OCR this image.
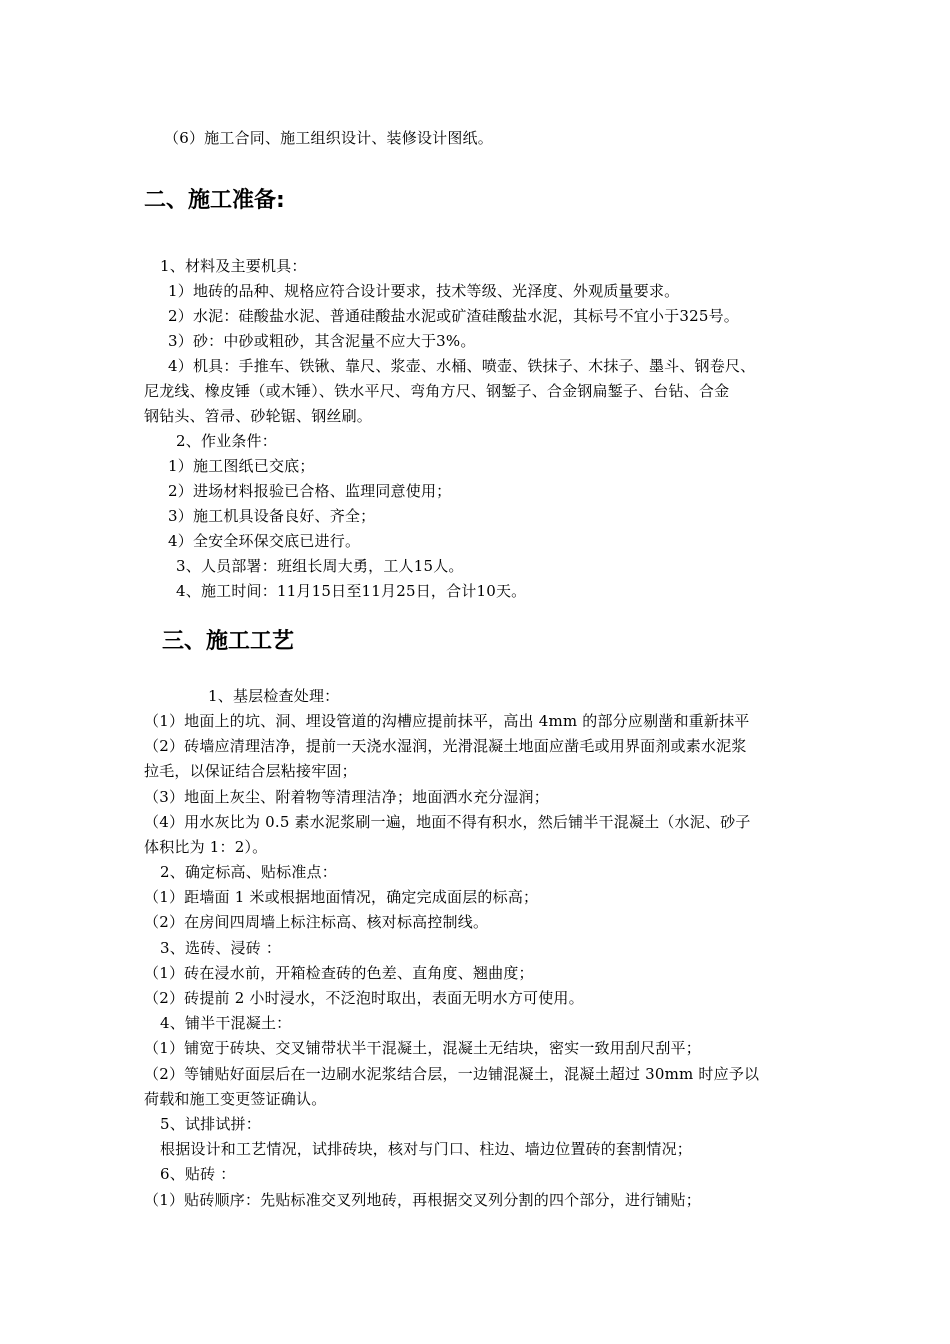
（6）施工合同、施工组织设计、装修设计图纸。
二、施工准备:
1、材料及主要机具：
1）地砖的品种、规格应符合设计要求，技术等级、光泽度、外观质量要求。
2）水泥：硅酸盐水泥、普通硅酸盐水泥或矿渣硅酸盐水泥，其标号不宜小于325号。
3）砂：中砂或粗砂，其含泥量不应大于3%。
4）机具：手推车、铁锹、靠尺、浆壶、水桶、喷壶、铁抹子、木抹子、墨斗、钢卷尺、
尼龙线、橡皮锤（或木锤）、铁水平尺、弯角方尺、钢錾子、合金钢扁錾子、台钻、合金
钢钻头、笤帚、砂轮锯、钢丝刷。
2、作业条件：
1）施工图纸已交底；
2）进场材料报验已合格、监理同意使用；
3）施工机具设备良好、齐全；
4）全安全环保交底已进行。
3、人员部署：班组长周大勇，工人15人。
4、施工时间：11月15日至11月25日，合计10天。
三、施工工艺
1、基层检查处理：
（1）地面上的坑、洞、埋设管道的沟槽应提前抹平，高出 4mm 的部分应剔凿和重新抹平
（2）砖墙应清理洁净，提前一天浇水湿润，光滑混凝土地面应凿毛或用界面剂或素水泥浆
拉毛，以保证结合层粘接牢固；
（3）地面上灰尘、附着物等清理洁净；地面洒水充分湿润；
（4）用水灰比为 0.5 素水泥浆刷一遍，地面不得有积水，然后铺半干混凝土（水泥、砂子
体积比为 1：2）。
2、确定标高、贴标准点：
（1）距墙面 1 米或根据地面情况，确定完成面层的标高；
（2）在房间四周墙上标注标高、核对标高控制线。
3、选砖、浸砖 ：
（1）砖在浸水前，开箱检查砖的色差、直角度、翘曲度；
（2）砖提前 2 小时浸水，不泛泡时取出，表面无明水方可使用。
4、铺半干混凝土：
（1）铺宽于砖块、交叉铺带状半干混凝土，混凝土无结块，密实一致用刮尺刮平；
（2）等铺贴好面层后在一边刷水泥浆结合层，一边铺混凝土，混凝土超过 30mm 时应予以
荷载和施工变更签证确认。
5、试排试拼：
根据设计和工艺情况，试排砖块，核对与门口、柱边、墙边位置砖的套割情况；
6、贴砖 ：
（1）贴砖顺序：先贴标准交叉列地砖，再根据交叉列分割的四个部分，进行铺贴；
